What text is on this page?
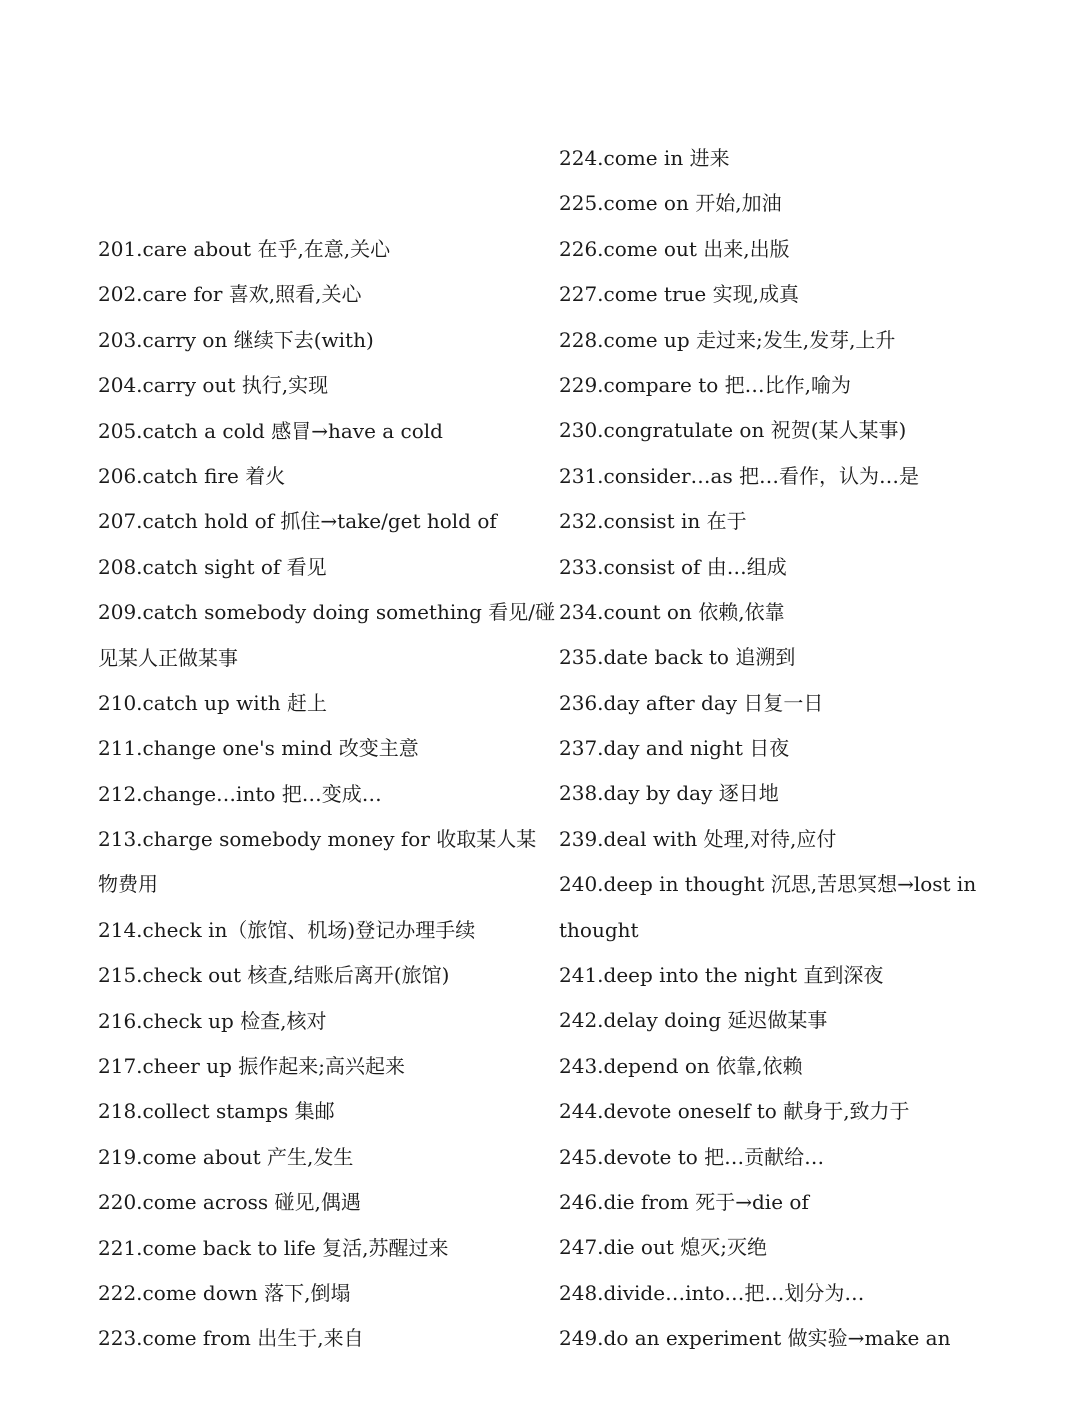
201.care about 在乎,在意,关心
202.care for 喜欢,照看,关心
203.carry on 继续下去(with)
204.carry out 执行,实现
205.catch a cold 感冒→have a cold
206.catch fire 着火
207.catch hold of 抓住→take/get hold of
208.catch sight of 看见
209.catch somebody doing something 看见/碰
见某人正做某事
210.catch up with 赶上
211.change one's mind 改变主意
212.change…into 把…变成…
213.charge somebody money for 收取某人某
物费用
214.check in（旅馆、机场)登记办理手续
215.check out 核查,结账后离开(旅馆)
216.check up 检查,核对
217.cheer up 振作起来;高兴起来
218.collect stamps 集邮
219.come about 产生,发生
220.come across 碰见,偶遇
221.come back to life 复活,苏醒过来
222.come down 落下,倒塌
223.come from 出生于,来自
224.come in 进来
225.come on 开始,加油
226.come out 出来,出版
227.come true 实现,成真
228.come up 走过来;发生,发芽,上升
229.compare to 把…比作,喻为
230.congratulate on 祝贺(某人某事)
231.consider…as 把…看作，认为…是
232.consist in 在于
233.consist of 由…组成
234.count on 依赖,依靠
235.date back to 追溯到
236.day after day 日复一日
237.day and night 日夜
238.day by day 逐日地
239.deal with 处理,对待,应付
240.deep in thought 沉思,苦思冥想→lost in
thought
241.deep into the night 直到深夜
242.delay doing 延迟做某事
243.depend on 依靠,依赖
244.devote oneself to 献身于,致力于
245.devote to 把…贡献给…
246.die from 死于→die of
247.die out 熄灭;灭绝
248.divide…into…把…划分为…
249.do an experiment 做实验→make an
